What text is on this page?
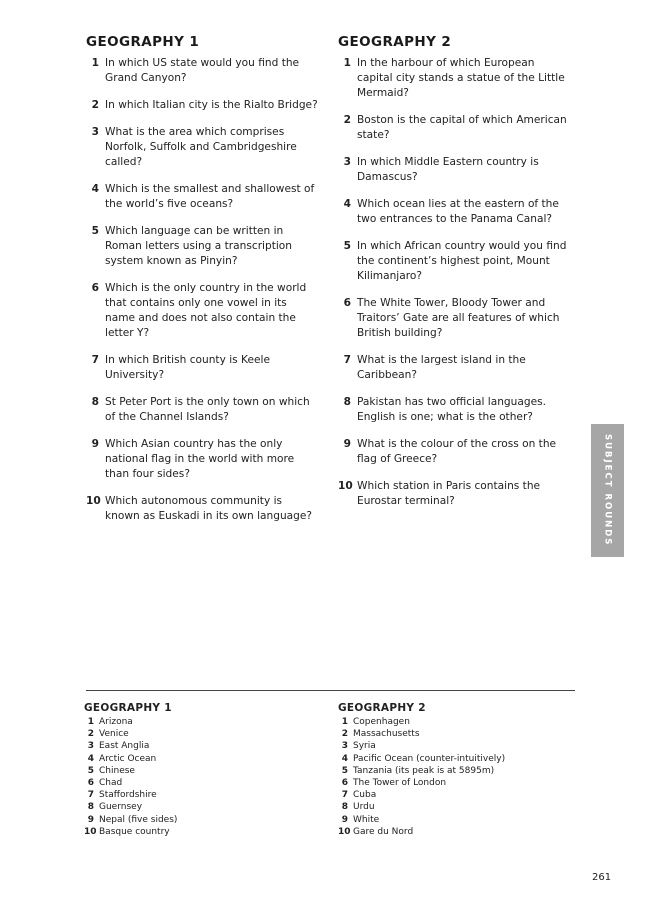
GEOGRAPHY 1
1 In which US state would you find the Grand Canyon?
2 In which Italian city is the Rialto Bridge?
3 What is the area which comprises Norfolk, Suffolk and Cambridgeshire called?
4 Which is the smallest and shallowest of the world’s five oceans?
5 Which language can be written in Roman letters using a transcription system known as Pinyin?
6 Which is the only country in the world that contains only one vowel in its name and does not also contain the letter Y?
7 In which British county is Keele University?
8 St Peter Port is the only town on which of the Channel Islands?
9 Which Asian country has the only national flag in the world with more than four sides?
10 Which autonomous community is known as Euskadi in its own language?
GEOGRAPHY 2
1 In the harbour of which European capital city stands a statue of the Little Mermaid?
2 Boston is the capital of which American state?
3 In which Middle Eastern country is Damascus?
4 Which ocean lies at the eastern of the two entrances to the Panama Canal?
5 In which African country would you find the continent’s highest point, Mount Kilimanjaro?
6 The White Tower, Bloody Tower and Traitors’ Gate are all features of which British building?
7 What is the largest island in the Caribbean?
8 Pakistan has two official languages. English is one; what is the other?
9 What is the colour of the cross on the flag of Greece?
10 Which station in Paris contains the Eurostar terminal?	SUBJECT ROUNDS
GEOGRAPHY 1
1 Arizona
2 Venice
3 East Anglia
4 Arctic Ocean
5 Chinese
6 Chad
7 Staffordshire
8 Guernsey
9 Nepal (five sides)
10 Basque country
GEOGRAPHY 2
1 Copenhagen
2 Massachusetts
3 Syria
4 Pacific Ocean (counter-intuitively)
5 Tanzania (its peak is at 5895m)
6 The Tower of London
7 Cuba
8 Urdu
9 White
10 Gare du Nord
261
